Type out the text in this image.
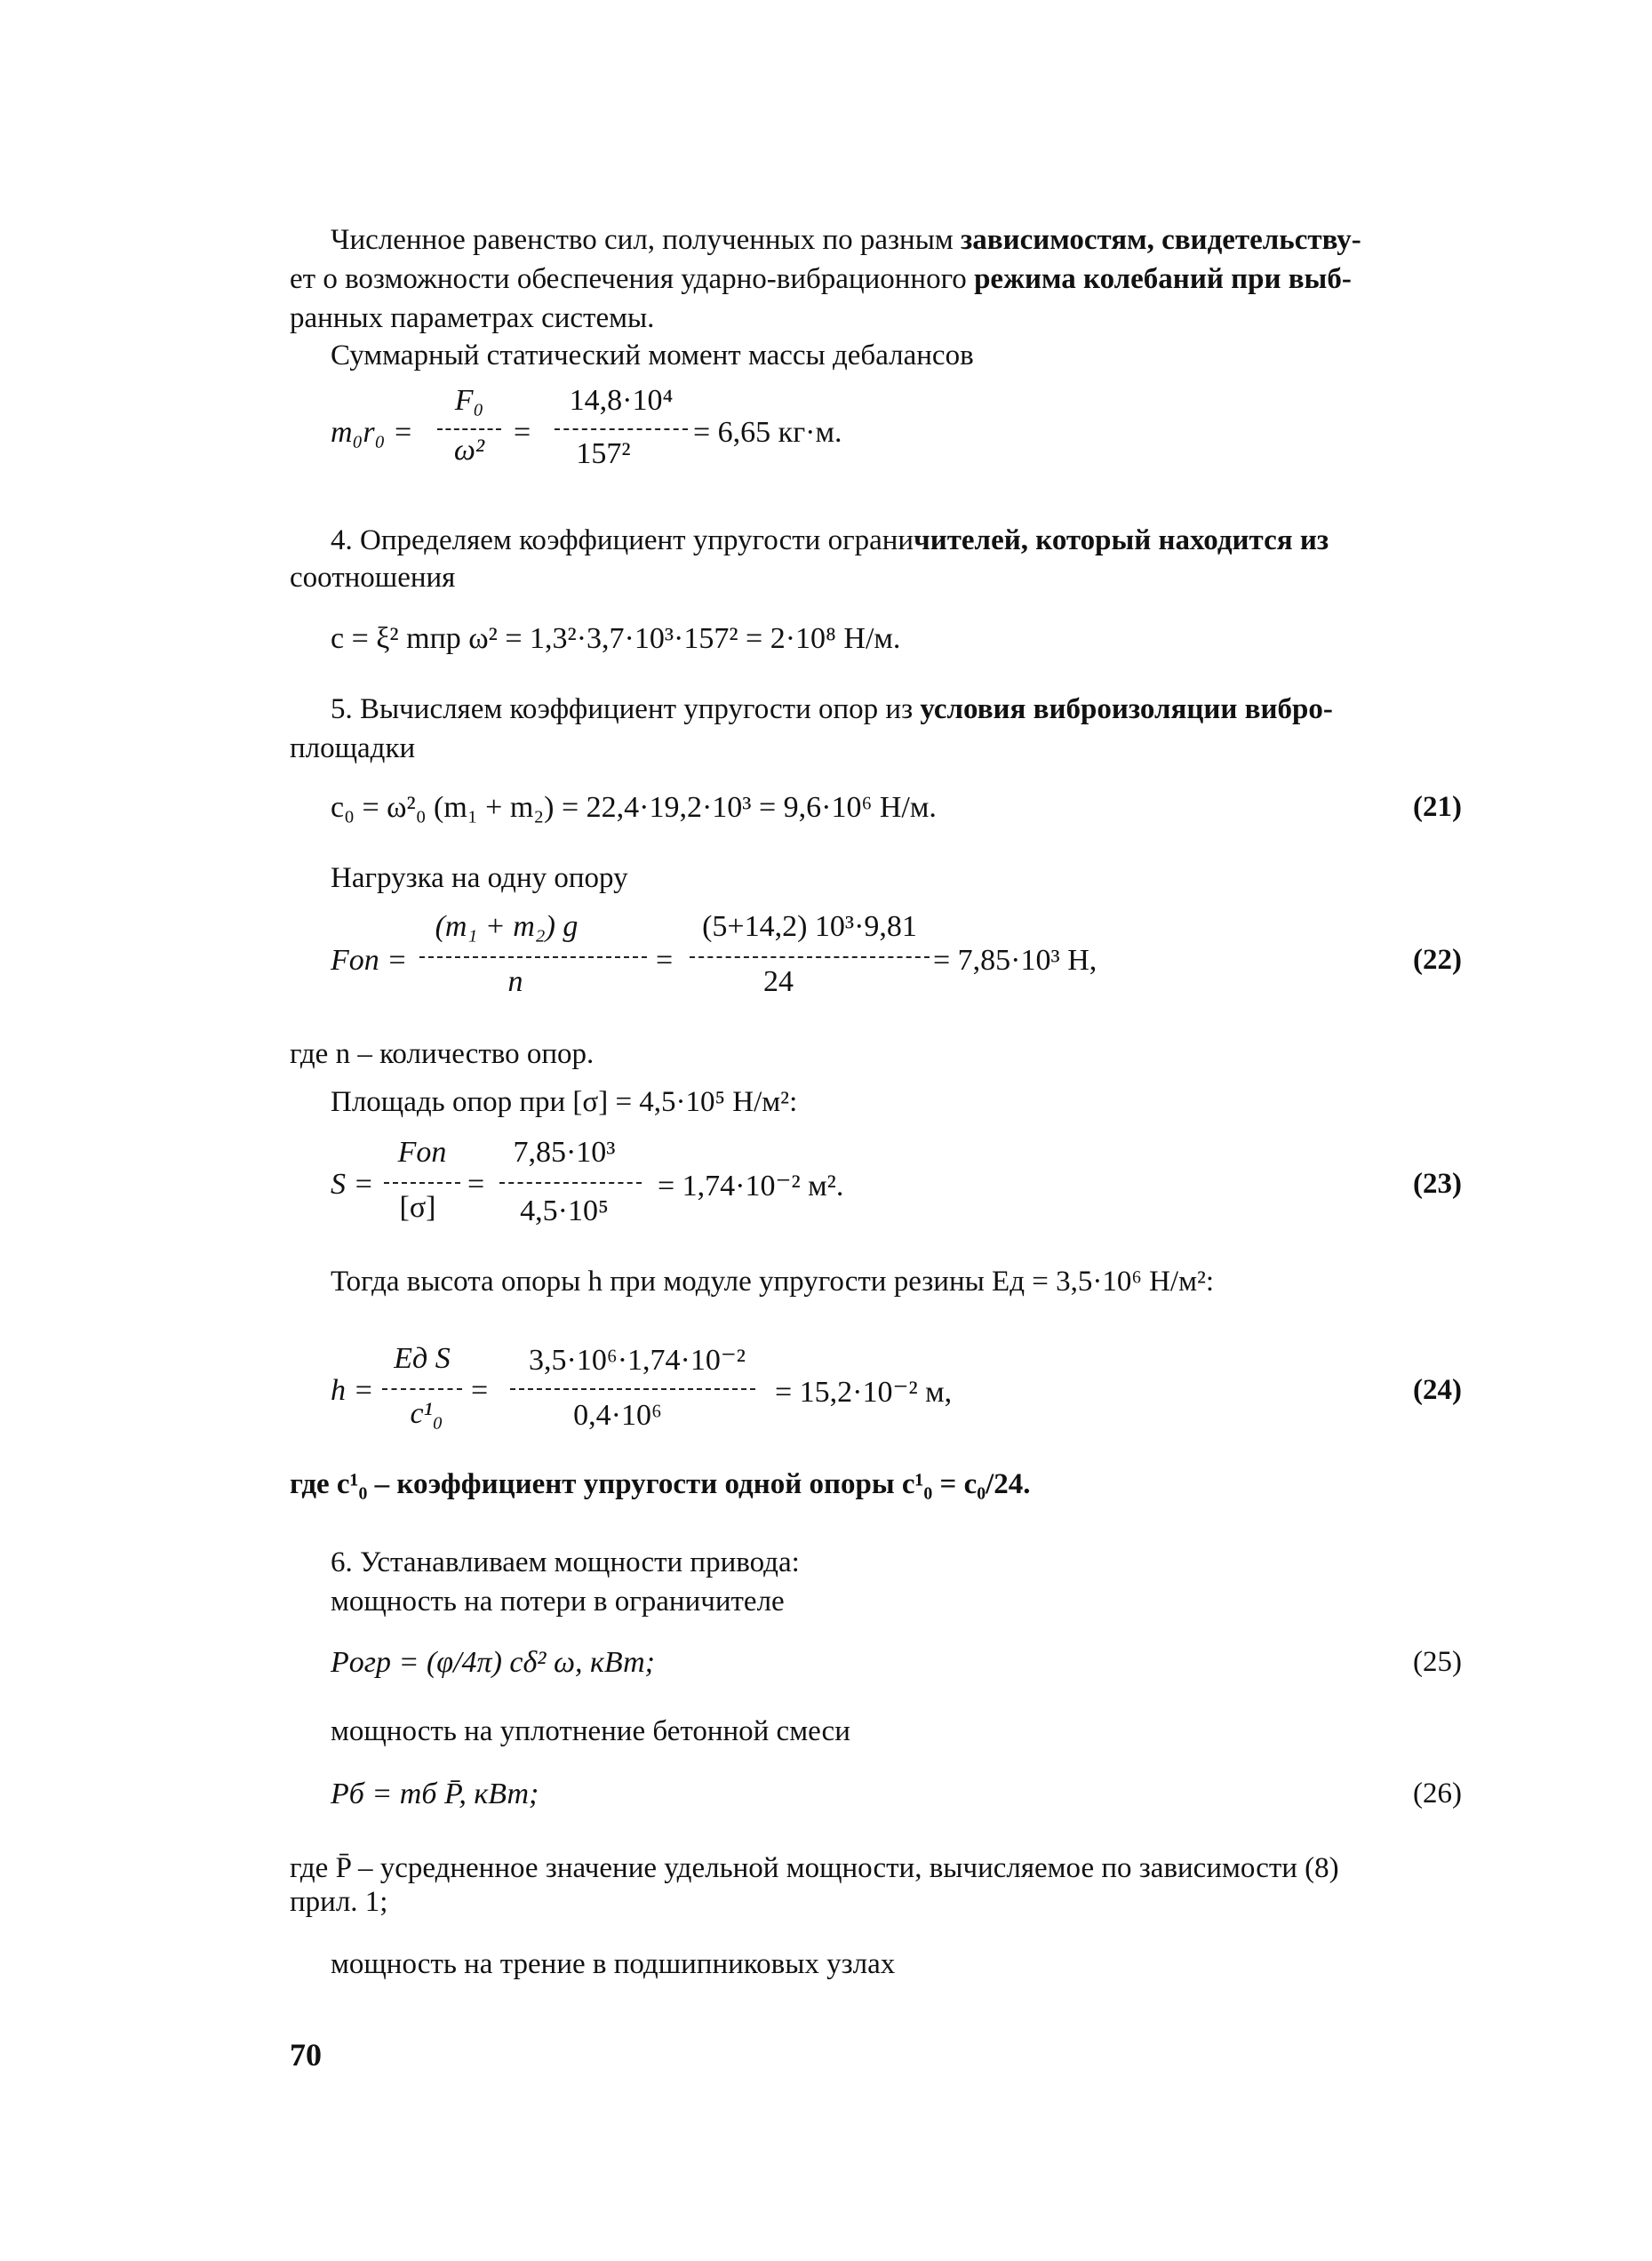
Численное равенство сил, полученных по разным зависимостям, свидетельству-
ет о возможности обеспечения ударно-вибрационного режима колебаний при выб-
ранных параметрах системы.
Суммарный статический момент массы дебалансов
m₀r₀ =
F₀
ω²
=
14,8·10⁴
157²
= 6,65 кг·м.
4. Определяем коэффициент упругости ограничителей, который находится из
соотношения
c = ξ² mпр ω² = 1,3²·3,7·10³·157² = 2·10⁸ Н/м.
5. Вычисляем коэффициент упругости опор из условия виброизоляции вибро-
площадки
c₀ = ω²₀ (m₁ + m₂) = 22,4·19,2·10³ = 9,6·10⁶ Н/м.	(21)
Нагрузка на одну опору
Fоп =
(m₁ + m₂) g
n
=
(5+14,2) 10³·9,81
24
= 7,85·10³ Н,	(22)
где n – количество опор.
Площадь опор при [σ] = 4,5·10⁵ Н/м²:
S =
Fоп
[σ]
=
7,85·10³
4,5·10⁵
= 1,74·10⁻² м².	(23)
Тогда высота опоры h при модуле упругости резины Eд = 3,5·10⁶ Н/м²:
h =
Eд S
c¹₀
=
3,5·10⁶·1,74·10⁻²
0,4·10⁶
= 15,2·10⁻² м,	(24)
где c¹₀ – коэффициент упругости одной опоры c¹₀ = c₀/24.
6. Устанавливаем мощности привода:
мощность на потери в ограничителе
Pогр = (φ/4π) cδ² ω, кВт;	(25)
мощность на уплотнение бетонной смеси
Pб = mб P̄, кВт;	(26)
где P̄ – усредненное значение удельной мощности, вычисляемое по зависимости (8)
прил. 1;
мощность на трение в подшипниковых узлах
70
